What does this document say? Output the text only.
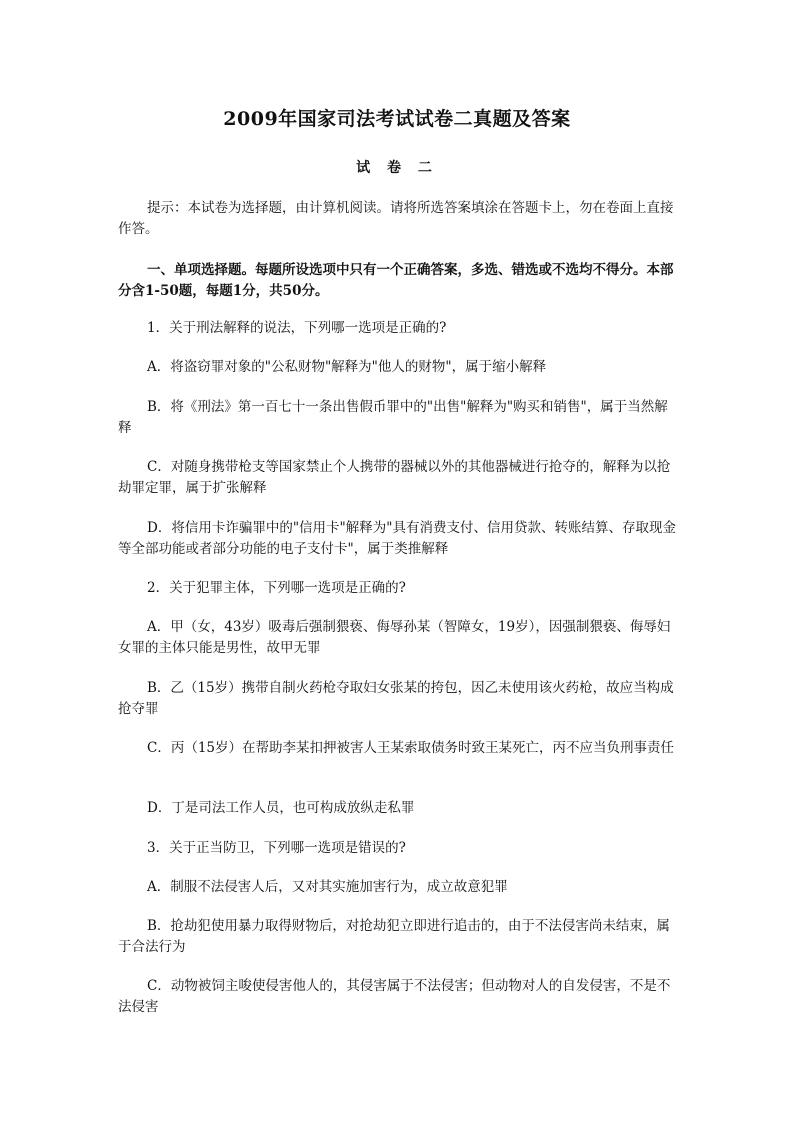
2009年国家司法考试试卷二真题及答案
试 卷 二

提示：本试卷为选择题，由计算机阅读。请将所选答案填涂在答题卡上，勿在卷面上直接作答。

一、单项选择题。每题所设选项中只有一个正确答案，多选、错选或不选均不得分。本部分含1-50题，每题1分，共50分。

1．关于刑法解释的说法，下列哪一选项是正确的?

A．将盗窃罪对象的"公私财物"解释为"他人的财物"，属于缩小解释

B．将《刑法》第一百七十一条出售假币罪中的"出售"解释为"购买和销售"，属于当然解释

C．对随身携带枪支等国家禁止个人携带的器械以外的其他器械进行抢夺的，解释为以抢劫罪定罪，属于扩张解释

D．将信用卡诈骗罪中的"信用卡"解释为"具有消费支付、信用贷款、转账结算、存取现金等全部功能或者部分功能的电子支付卡"，属于类推解释

2．关于犯罪主体，下列哪一选项是正确的?

A．甲（女，43岁）吸毒后强制猥亵、侮辱孙某（智障女，19岁），因强制猥亵、侮辱妇女罪的主体只能是男性，故甲无罪

B．乙（15岁）携带自制火药枪夺取妇女张某的挎包，因乙未使用该火药枪，故应当构成抢夺罪

C．丙（15岁）在帮助李某扣押被害人王某索取债务时致王某死亡，丙不应当负刑事责任

D．丁是司法工作人员，也可构成放纵走私罪

3．关于正当防卫，下列哪一选项是错误的?

A．制服不法侵害人后，又对其实施加害行为，成立故意犯罪

B．抢劫犯使用暴力取得财物后，对抢劫犯立即进行追击的，由于不法侵害尚未结束，属于合法行为

C．动物被饲主唆使侵害他人的，其侵害属于不法侵害；但动物对人的自发侵害，不是不法侵害
